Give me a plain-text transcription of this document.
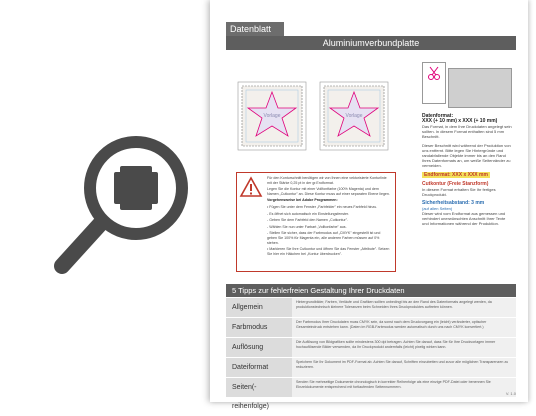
Datenblatt
Aluminiumverbundplatte
Vorlage	Vorlage

Für den Konturschnitt benötigen wir von Ihnen eine vektorisierte Konturlinie mit der Stärke 0,25 pt in der gr.Endformat.

Legen Sie die Kontur mit einer Vollfontfarbe (100% Magenta) und dem Namen „Cutkontur" an. Diese Kontur muss auf einer separaten Ebene liegen.

Vorgehensweise bei Adobe Programmen:

• Fügen Sie unter dem Fenster „Farbfelder" ein neues Farbfeld hinzu.

- Es öffnet sich automatisch ein Einstellungsfenster.

- Geben Sie dem Farbfeld den Namen „Cutkontur".

- Wählen Sie nun unter Farbart „Volltonfarbe" aus.

- Stellen Sie sicher, dass der Farbmodus auf „CMYK" eingestellt ist und geben Sie 100% für Magenta ein, alle anderen Farben müssen auf 0% stehen.

• Markieren Sie Ihre Cutkontur und öffnen Sie das Fenster „Attribute". Setzen Sie hier ein Häkchen bei „Kontur überdrucken".

Datenformat:
XXX (+ 10 mm) x XXX (+ 10 mm)
Das Format, in dem Ihre Druckdaten angelegt sein sollten. In diesem Format enthalten sind 5 mm Beschnitt.
Dieser Beschnitt wird während der Produktion von uns entfernt. Bitte legen Sie Hintergründe und randabfallende Objekte immer bis an den Rand Ihres Datenformats an, um weiße Seitenränder zu vermeiden.
Endformat: XXX x XXX mm
Cutkontur (Freie Stanzform)
In diesem Format erhalten Sie Ihr fertiges Druckprodukt.
Sicherheitsabstand: 3 mm
(auf allen Seiten)
Dieser wird vom Endformat aus gemessen und verhindert unerwünschten Anschnitt Ihrer Texte und Informationen während der Produktion.
5 Tipps zur fehlerfreien Gestaltung Ihrer Druckdaten
Allgemein
Hintergrundbilder, Farben, Verläufe und Grafiken sollten unbedingt bis an den Rand des Datenformats angelegt werden, da produktionstechnisch kleinere Toleranzen beim Schneiden Ihres Druckproduktes auftreten können.
Farbmodus
Der Farbmodus Ihrer Druckdaten muss CMYK sein, da sonst nach dem Druckvorgang ein (leicht) veränderter, optischer Gesamteindruck entstehen kann. (Daten im RGB-Farbmodus werden automatisch durch uns nach CMYK konvertiert.)
Auflösung
Die Auflösung von Bildgrafiken sollte mindestens 300 dpi betragen. Achten Sie darauf, dass Sie für Ihre Druckvorlagen immer hochauflösende Bilder verwenden, da Ihr Druckprodukt andernfalls (leicht) pixelig wirken kann.
Dateiformat
Speichern Sie Ihr Dokument im PDF-Format ab. Achten Sie darauf, Schriften einzubetten und zuvor alle möglichen Transparenzen zu reduzieren.
Seiten(-reihenfolge)
Senden Sie mehrseitige Dokumente chronologisch in korrekter Reihenfolge als eine einzige PDF-Datei oder benennen Sie Einzeldokumente entsprechend mit fortlaufenden Seitennummern.
V. 1.0
